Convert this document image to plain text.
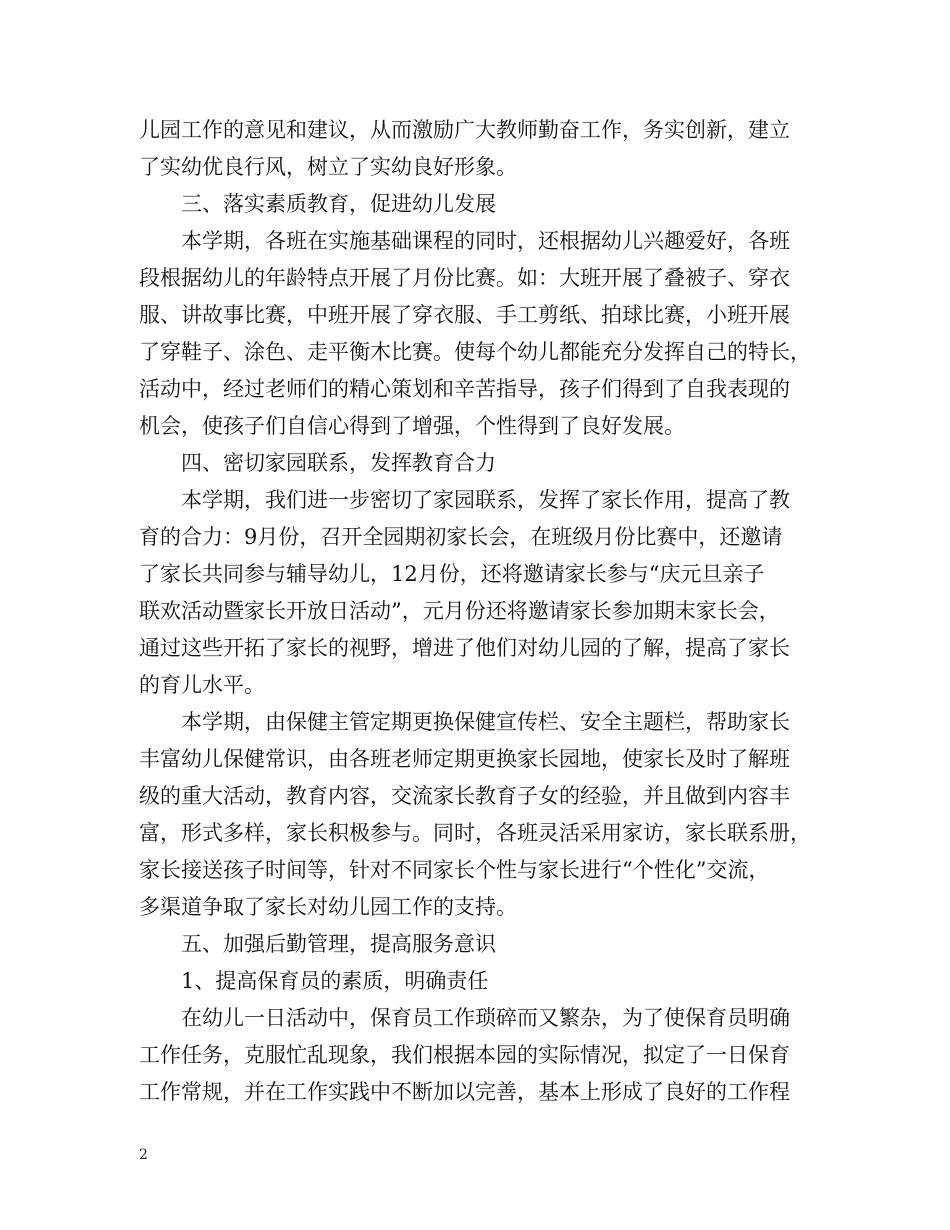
儿园工作的意见和建议，从而激励广大教师勤奋工作，务实创新，建立
了实幼优良行风，树立了实幼良好形象。
三、落实素质教育，促进幼儿发展
本学期，各班在实施基础课程的同时，还根据幼儿兴趣爱好，各班
段根据幼儿的年龄特点开展了月份比赛。如：大班开展了叠被子、穿衣
服、讲故事比赛，中班开展了穿衣服、手工剪纸、拍球比赛，小班开展
了穿鞋子、涂色、走平衡木比赛。使每个幼儿都能充分发挥自己的特长，
活动中，经过老师们的精心策划和辛苦指导，孩子们得到了自我表现的
机会，使孩子们自信心得到了增强，个性得到了良好发展。
四、密切家园联系，发挥教育合力
本学期，我们进一步密切了家园联系，发挥了家长作用，提高了教
育的合力：9月份，召开全园期初家长会，在班级月份比赛中，还邀请
了家长共同参与辅导幼儿，12月份，还将邀请家长参与“庆元旦亲子
联欢活动暨家长开放日活动”，元月份还将邀请家长参加期末家长会，
通过这些开拓了家长的视野，增进了他们对幼儿园的了解，提高了家长
的育儿水平。
本学期，由保健主管定期更换保健宣传栏、安全主题栏，帮助家长
丰富幼儿保健常识，由各班老师定期更换家长园地，使家长及时了解班
级的重大活动，教育内容，交流家长教育子女的经验，并且做到内容丰
富，形式多样，家长积极参与。同时，各班灵活采用家访，家长联系册，
家长接送孩子时间等，针对不同家长个性与家长进行“个性化”交流，
多渠道争取了家长对幼儿园工作的支持。
五、加强后勤管理，提高服务意识
1、提高保育员的素质，明确责任
在幼儿一日活动中，保育员工作琐碎而又繁杂，为了使保育员明确
工作任务，克服忙乱现象，我们根据本园的实际情况，拟定了一日保育
工作常规，并在工作实践中不断加以完善，基本上形成了良好的工作程
2
